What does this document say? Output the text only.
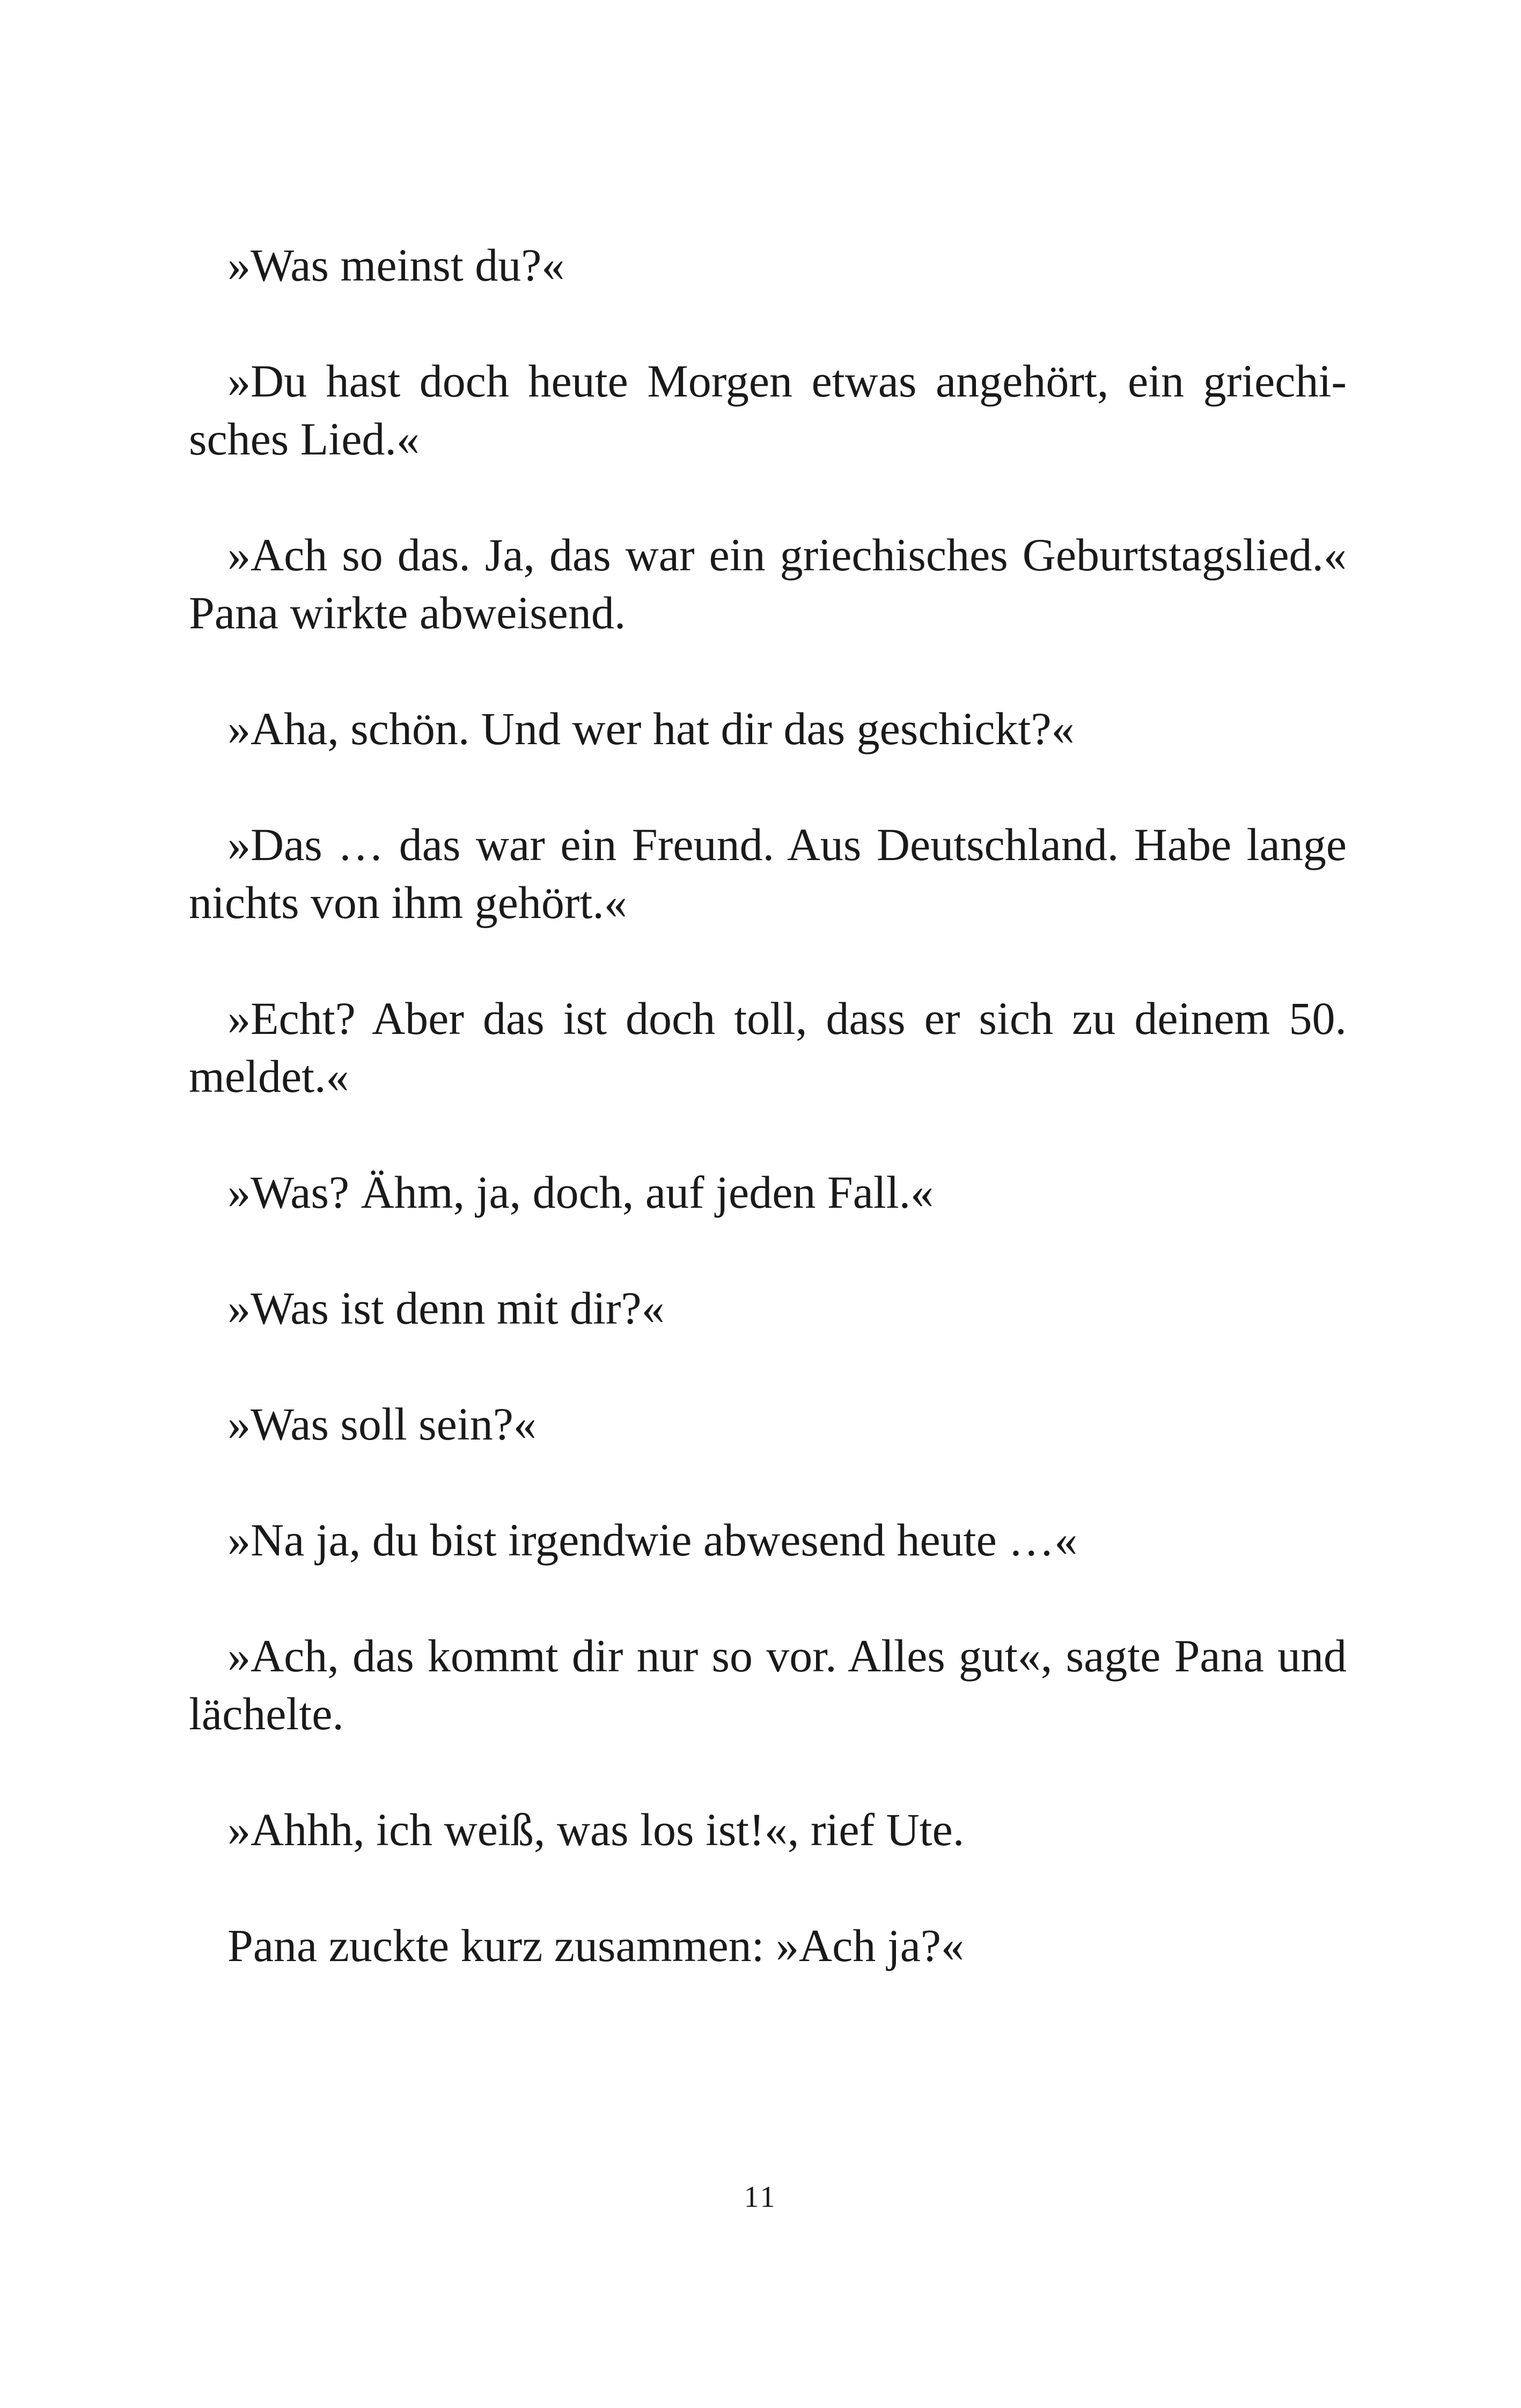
»Was meinst du?«

»Du hast doch heute Morgen etwas angehört, ein griechisches Lied.«

»Ach so das. Ja, das war ein griechisches Geburtstagslied.« Pana wirkte abweisend.

»Aha, schön. Und wer hat dir das geschickt?«

»Das … das war ein Freund. Aus Deutschland. Habe lange nichts von ihm gehört.«

»Echt? Aber das ist doch toll, dass er sich zu deinem 50. meldet.«

»Was? Ähm, ja, doch, auf jeden Fall.«

»Was ist denn mit dir?«

»Was soll sein?«

»Na ja, du bist irgendwie abwesend heute …«

»Ach, das kommt dir nur so vor. Alles gut«, sagte Pana und lächelte.

»Ahhh, ich weiß, was los ist!«, rief Ute.

Pana zuckte kurz zusammen: »Ach ja?«

11
